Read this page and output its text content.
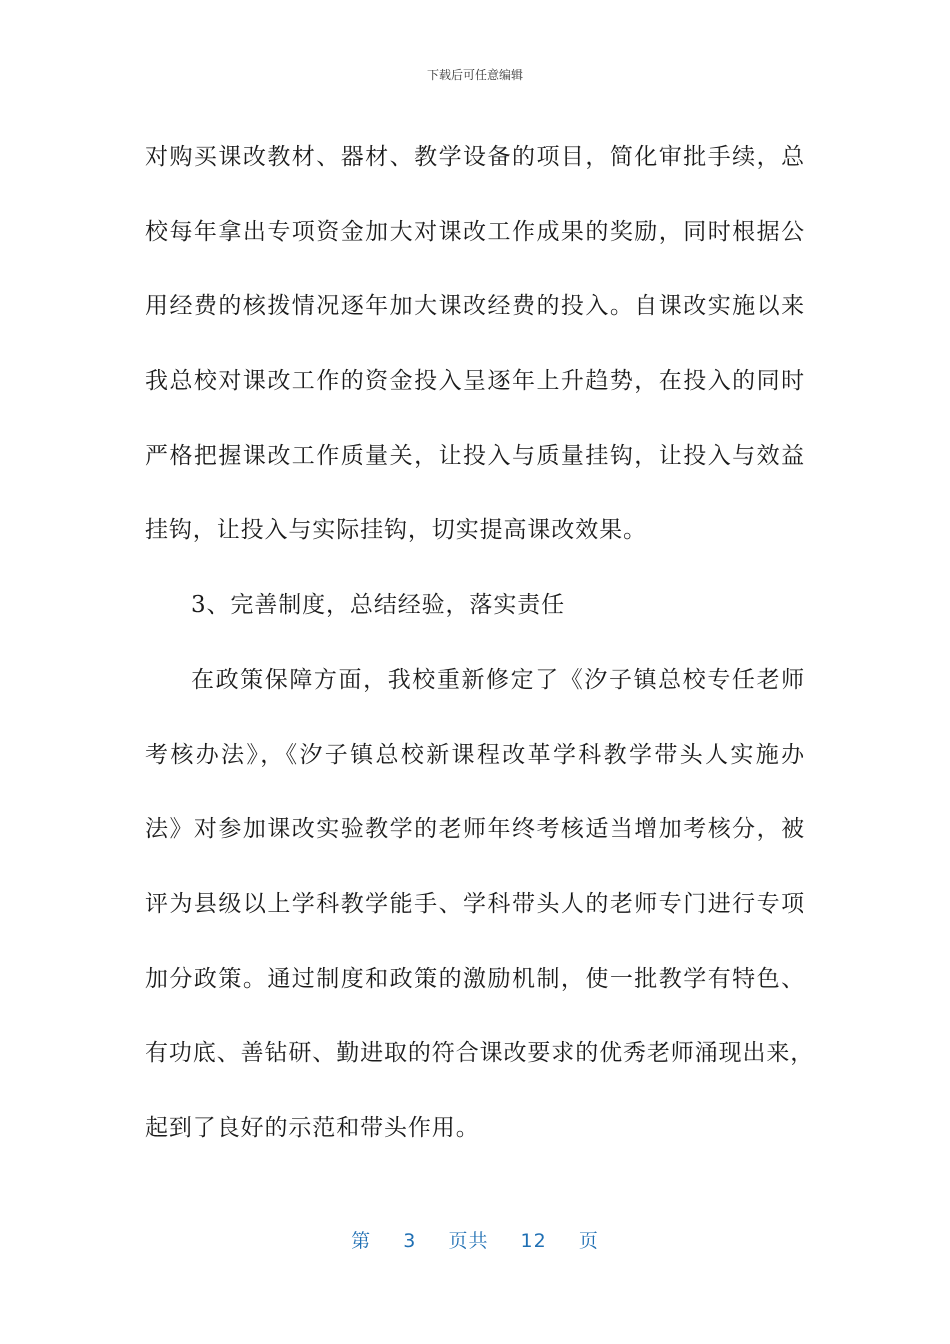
下载后可任意编辑
对购买课改教材、器材、教学设备的项目，简化审批手续，总
校每年拿出专项资金加大对课改工作成果的奖励，同时根据公
用经费的核拨情况逐年加大课改经费的投入。自课改实施以来
我总校对课改工作的资金投入呈逐年上升趋势，在投入的同时
严格把握课改工作质量关，让投入与质量挂钩，让投入与效益
挂钩，让投入与实际挂钩，切实提高课改效果。
3、完善制度，总结经验，落实责任
在政策保障方面，我校重新修定了《汐子镇总校专任老师
考核办法》，《汐子镇总校新课程改革学科教学带头人实施办
法》对参加课改实验教学的老师年终考核适当增加考核分，被
评为县级以上学科教学能手、学科带头人的老师专门进行专项
加分政策。通过制度和政策的激励机制，使一批教学有特色、
有功底、善钻研、勤进取的符合课改要求的优秀老师涌现出来，
起到了良好的示范和带头作用。
第 3 页共 12 页
